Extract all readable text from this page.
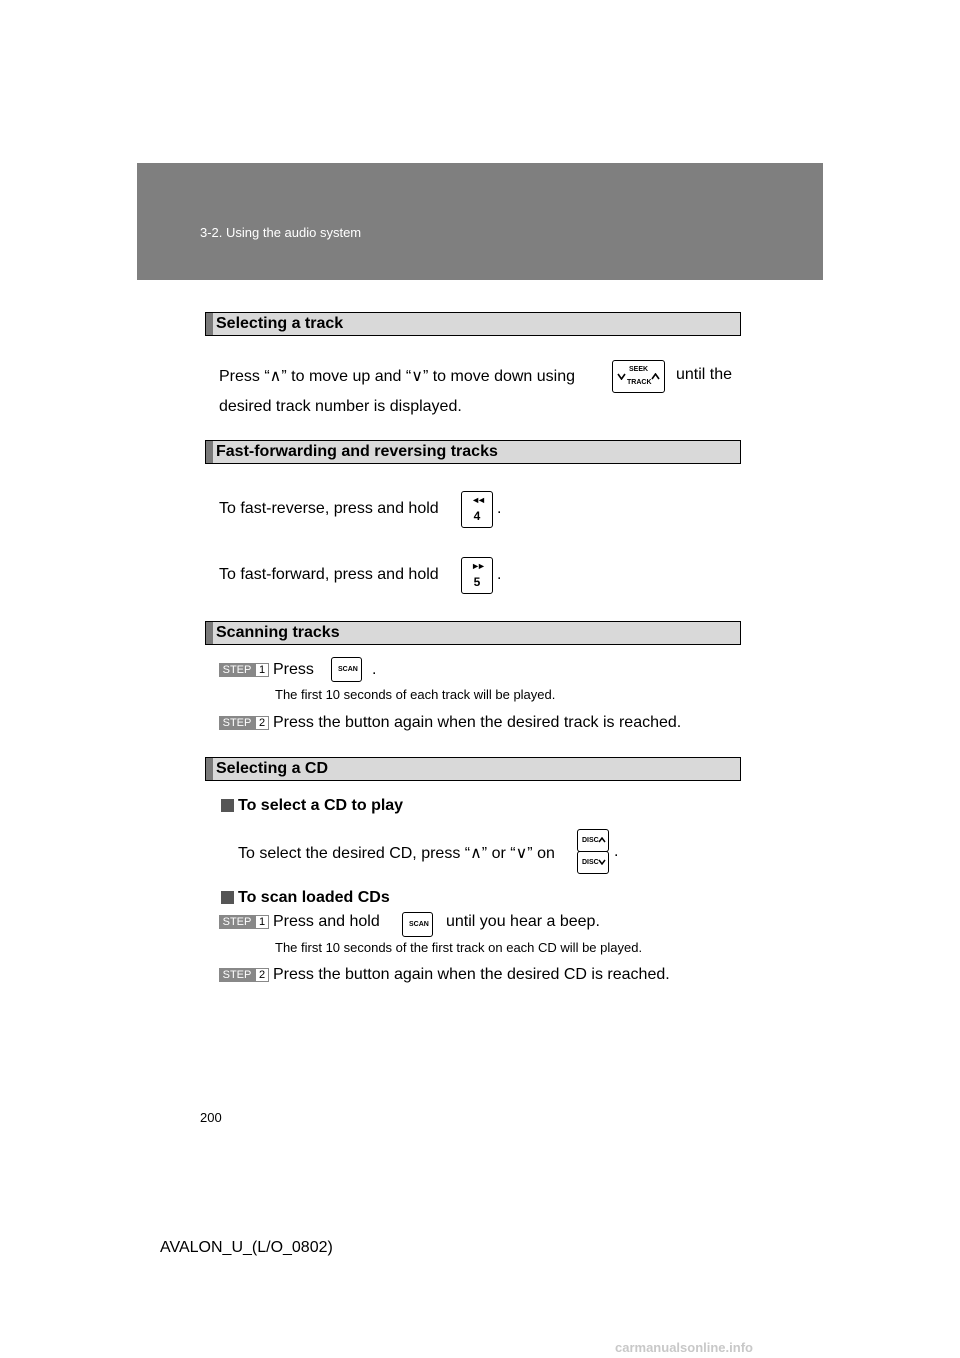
3-2. Using the audio system
Selecting a track
Press “∧” to move up and “∨” to move down using	SEEK
TRACK until the
desired track number is displayed.
Fast-forwarding and reversing tracks
To fast-reverse, press and hold	◄◄
4	.
To fast-forward, press and hold	►►
5	.
Scanning tracks
STEP 1 Press	SCAN .
The first 10 seconds of each track will be played.
STEP 2 Press the button again when the desired track is reached.
Selecting a CD
To select a CD to play
To select the desired CD, press “∧” or “∨” on
DISC
DISC
.
To scan loaded CDs
STEP 1 Press and hold	SCAN until you hear a beep.
The first 10 seconds of the first track on each CD will be played.
STEP 2 Press the button again when the desired CD is reached.
200
AVALON_U_(L/O_0802)
carmanualsonline.info
